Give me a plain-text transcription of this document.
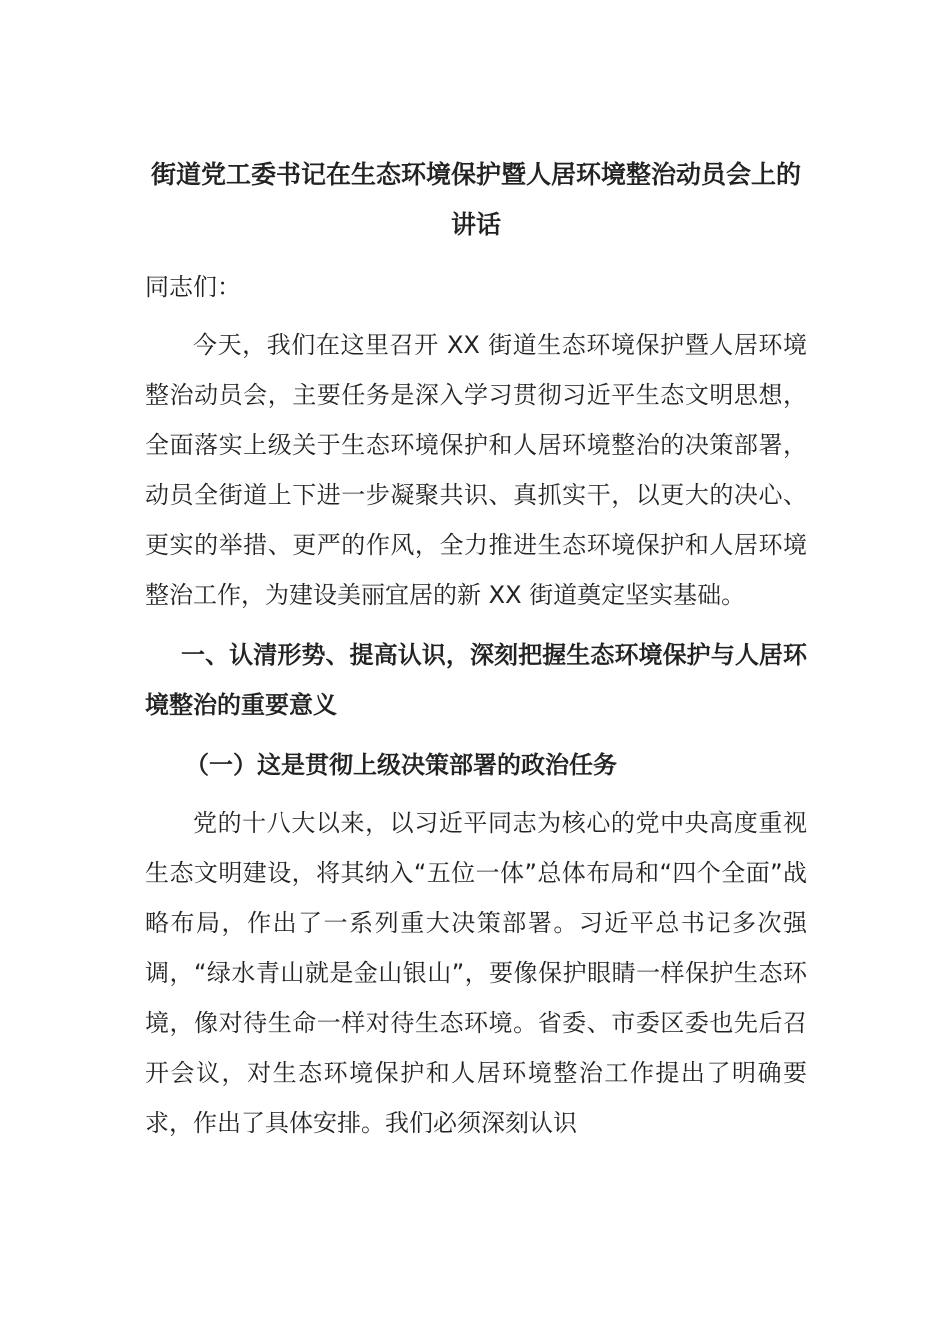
街道党工委书记在生态环境保护暨人居环境整治动员会上的讲话

同志们：

今天，我们在这里召开 XX 街道生态环境保护暨人居环境整治动员会，主要任务是深入学习贯彻习近平生态文明思想，全面落实上级关于生态环境保护和人居环境整治的决策部署，动员全街道上下进一步凝聚共识、真抓实干，以更大的决心、更实的举措、更严的作风，全力推进生态环境保护和人居环境整治工作，为建设美丽宜居的新 XX 街道奠定坚实基础。

一、认清形势、提高认识，深刻把握生态环境保护与人居环境整治的重要意义

（一）这是贯彻上级决策部署的政治任务

党的十八大以来，以习近平同志为核心的党中央高度重视生态文明建设，将其纳入“五位一体”总体布局和“四个全面”战略布局，作出了一系列重大决策部署。习近平总书记多次强调，“绿水青山就是金山银山”，要像保护眼睛一样保护生态环境，像对待生命一样对待生态环境。省委、市委区委也先后召开会议，对生态环境保护和人居环境整治工作提出了明确要求，作出了具体安排。我们必须深刻认识
